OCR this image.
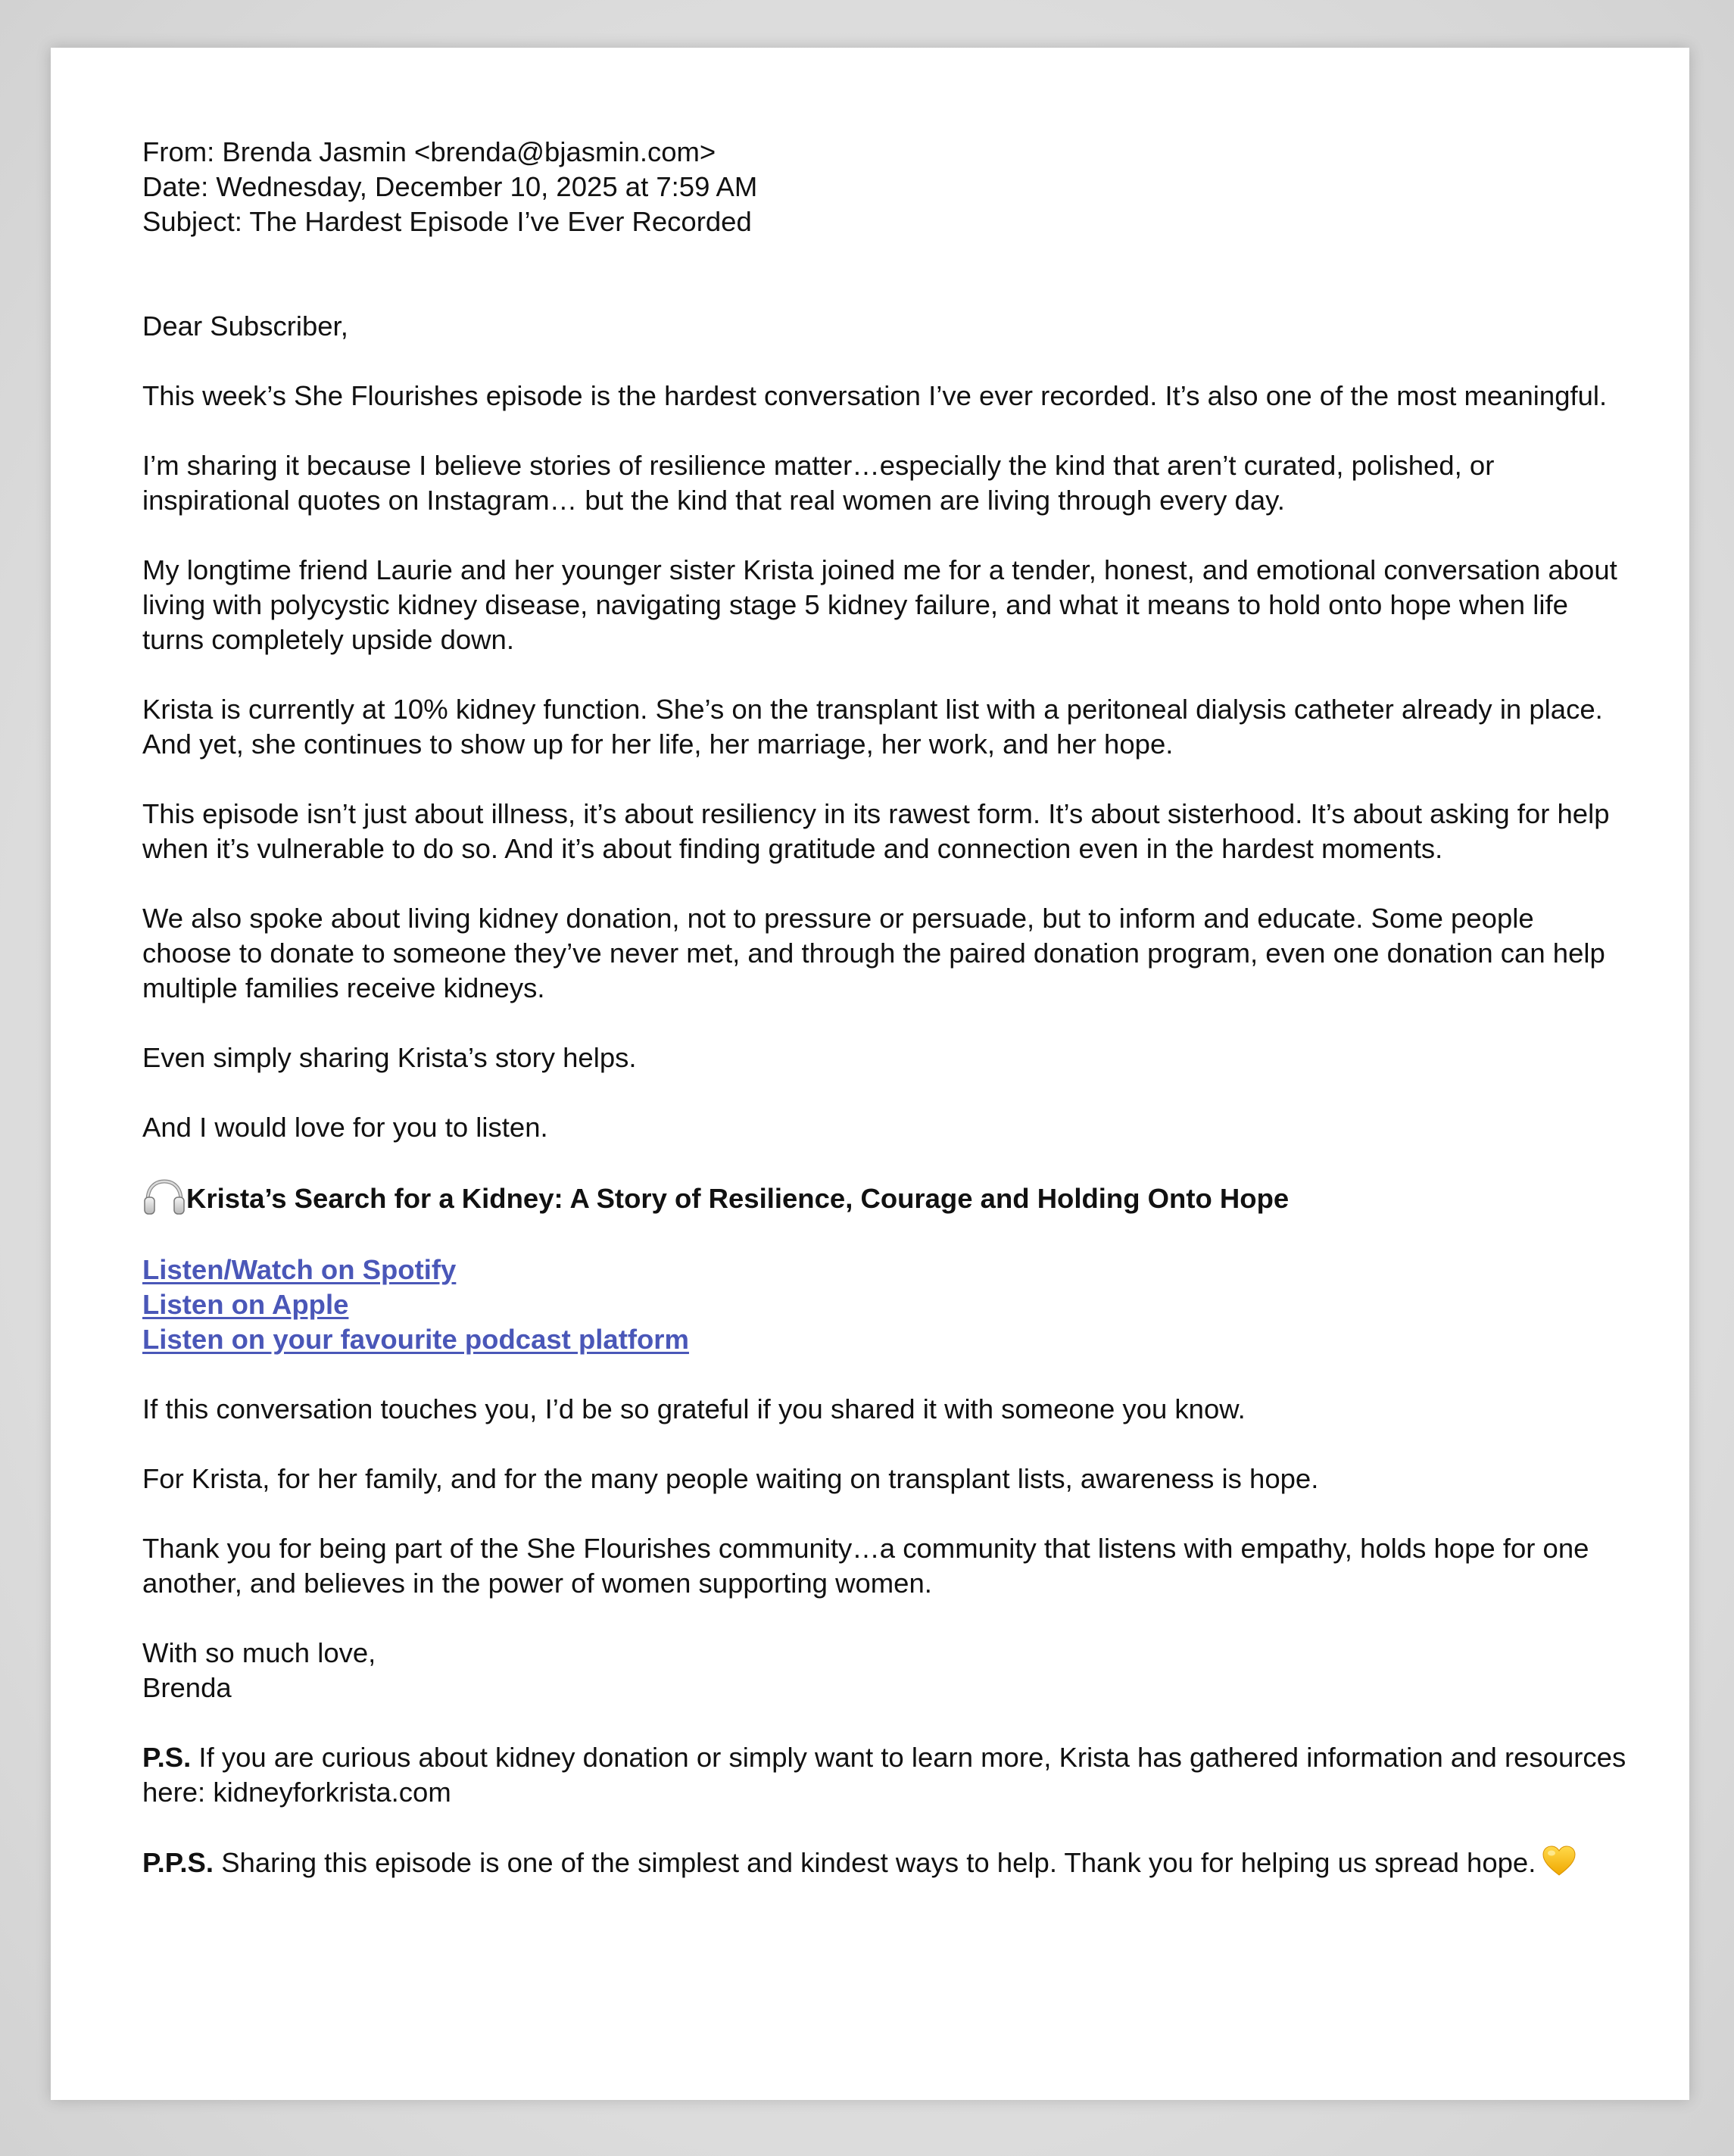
From: Brenda Jasmin <brenda@bjasmin.com>
Date: Wednesday, December 10, 2025 at 7:59 AM
Subject: The Hardest Episode I’ve Ever Recorded

Dear Subscriber,

This week’s She Flourishes episode is the hardest conversation I’ve ever recorded. It’s also one of the most meaningful.

I’m sharing it because I believe stories of resilience matter…especially the kind that aren’t curated, polished, or inspirational quotes on Instagram… but the kind that real women are living through every day.

My longtime friend Laurie and her younger sister Krista joined me for a tender, honest, and emotional conversation about living with polycystic kidney disease, navigating stage 5 kidney failure, and what it means to hold onto hope when life turns completely upside down.

Krista is currently at 10% kidney function. She’s on the transplant list with a peritoneal dialysis catheter already in place. And yet, she continues to show up for her life, her marriage, her work, and her hope.

This episode isn’t just about illness, it’s about resiliency in its rawest form. It’s about sisterhood. It’s about asking for help when it’s vulnerable to do so. And it’s about finding gratitude and connection even in the hardest moments.

We also spoke about living kidney donation, not to pressure or persuade, but to inform and educate. Some people choose to donate to someone they’ve never met, and through the paired donation program, even one donation can help multiple families receive kidneys.

Even simply sharing Krista’s story helps.

And I would love for you to listen.

Krista’s Search for a Kidney: A Story of Resilience, Courage and Holding Onto Hope
Listen/Watch on Spotify
Listen on Apple
Listen on your favourite podcast platform

If this conversation touches you, I’d be so grateful if you shared it with someone you know.

For Krista, for her family, and for the many people waiting on transplant lists, awareness is hope.

Thank you for being part of the She Flourishes community…a community that listens with empathy, holds hope for one another, and believes in the power of women supporting women.

With so much love,
Brenda

P.S. If you are curious about kidney donation or simply want to learn more, Krista has gathered information and resources here: kidneyforkrista.com

P.P.S. Sharing this episode is one of the simplest and kindest ways to help. Thank you for helping us spread hope.
